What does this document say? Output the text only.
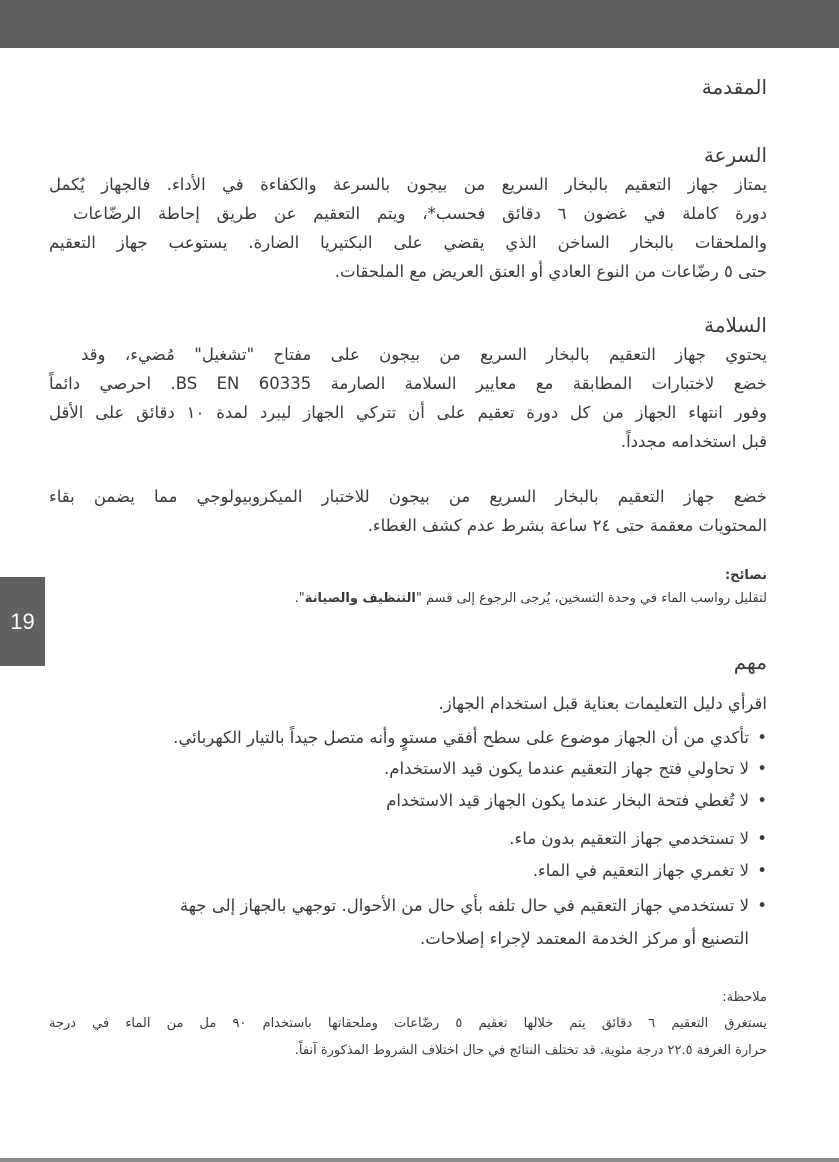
19
المقدمة
السرعة
يمتاز جهاز التعقيم بالبخار السريع من بيجون بالسرعة والكفاءة في الأداء. فالجهاز يُكمل
دورة كاملة في غضون ٦ دقائق فحسب*، ويتم التعقيم عن طريق إحاطة الرضّاعات
والملحقات بالبخار الساخن الذي يقضي على البكتيريا الضارة. يستوعب جهاز التعقيم
حتى ٥ رضّاعات من النوع العادي أو العنق العريض مع الملحقات.
السلامة
يحتوي جهاز التعقيم بالبخار السريع من بيجون على مفتاح "تشغيل" مُضيء، وقد
خضع لاختبارات المطابقة مع معايير السلامة الصارمة 60335 BS EN. احرصي دائماً
وفور انتهاء الجهاز من كل دورة تعقيم على أن تتركي الجهاز ليبرد لمدة ١٠ دقائق على الأقل
قبل استخدامه مجدداً.
خضع جهاز التعقيم بالبخار السريع من بيجون للاختبار الميكروبيولوجي مما يضمن بقاء
المحتويات معقمة حتى ٢٤ ساعة بشرط عدم كشف الغطاء.
نصائح:
لتقليل رواسب الماء في وحدة التسخين، يُرجى الرجوع إلى قسم "التنظيف والصيانة".
مهم
اقرأي دليل التعليمات بعناية قبل استخدام الجهاز.
•تأكدي من أن الجهاز موضوع على سطح أفقي مستوٍ وأنه متصل جيداً بالتيار الكهربائي.
•لا تحاولي فتح جهاز التعقيم عندما يكون قيد الاستخدام.
•لا تُغطي فتحة البخار عندما يكون الجهاز قيد الاستخدام
•لا تستخدمي جهاز التعقيم بدون ماء.
•لا تغمري جهاز التعقيم في الماء.
•لا تستخدمي جهاز التعقيم في حال تلفه بأي حال من الأحوال. توجهي بالجهاز إلى جهة
التصنيع أو مركز الخدمة المعتمد لإجراء إصلاحات.
ملاحظة:
يستغرق التعقيم ٦ دقائق يتم خلالها تعقيم ٥ رضّاعات وملحقاتها باستخدام ٩٠ مل من الماء في درجة
حرارة الغرفة ٢٢.٥ درجة مئوية. قد تختلف النتائج في حال اختلاف الشروط المذكورة آنفاً.
